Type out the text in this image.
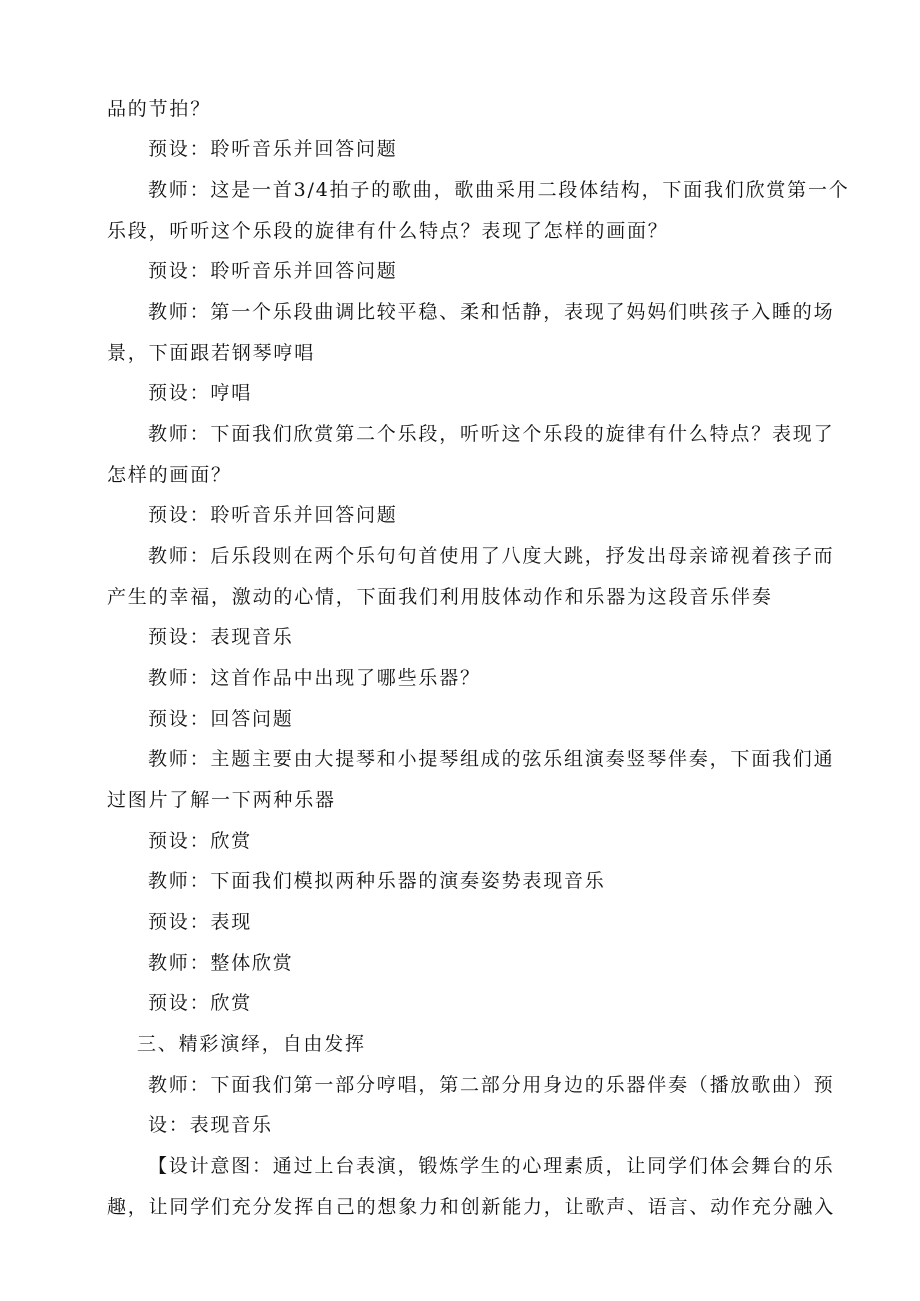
品的节拍？
预设：聆听音乐并回答问题
教师：这是一首3/4拍子的歌曲，歌曲采用二段体结构，下面我们欣赏第一个
乐段，听听这个乐段的旋律有什么特点？表现了怎样的画面？
预设：聆听音乐并回答问题
教师：第一个乐段曲调比较平稳、柔和恬静，表现了妈妈们哄孩子入睡的场
景，下面跟若钢琴哼唱
预设：哼唱
教师：下面我们欣赏第二个乐段，听听这个乐段的旋律有什么特点？表现了
怎样的画面？
预设：聆听音乐并回答问题
教师：后乐段则在两个乐句句首使用了八度大跳，抒发出母亲谛视着孩子而
产生的幸福，激动的心情，下面我们利用肢体动作和乐器为这段音乐伴奏
预设：表现音乐
教师：这首作品中出现了哪些乐器？
预设：回答问题
教师：主题主要由大提琴和小提琴组成的弦乐组演奏竖琴伴奏，下面我们通
过图片了解一下两种乐器
预设：欣赏
教师：下面我们模拟两种乐器的演奏姿势表现音乐
预设：表现
教师：整体欣赏
预设：欣赏
三、精彩演绎，自由发挥
教师：下面我们第一部分哼唱，第二部分用身边的乐器伴奏（播放歌曲）预
设：表现音乐
【设计意图：通过上台表演，锻炼学生的心理素质，让同学们体会舞台的乐
趣，让同学们充分发挥自己的想象力和创新能力，让歌声、语言、动作充分融入
